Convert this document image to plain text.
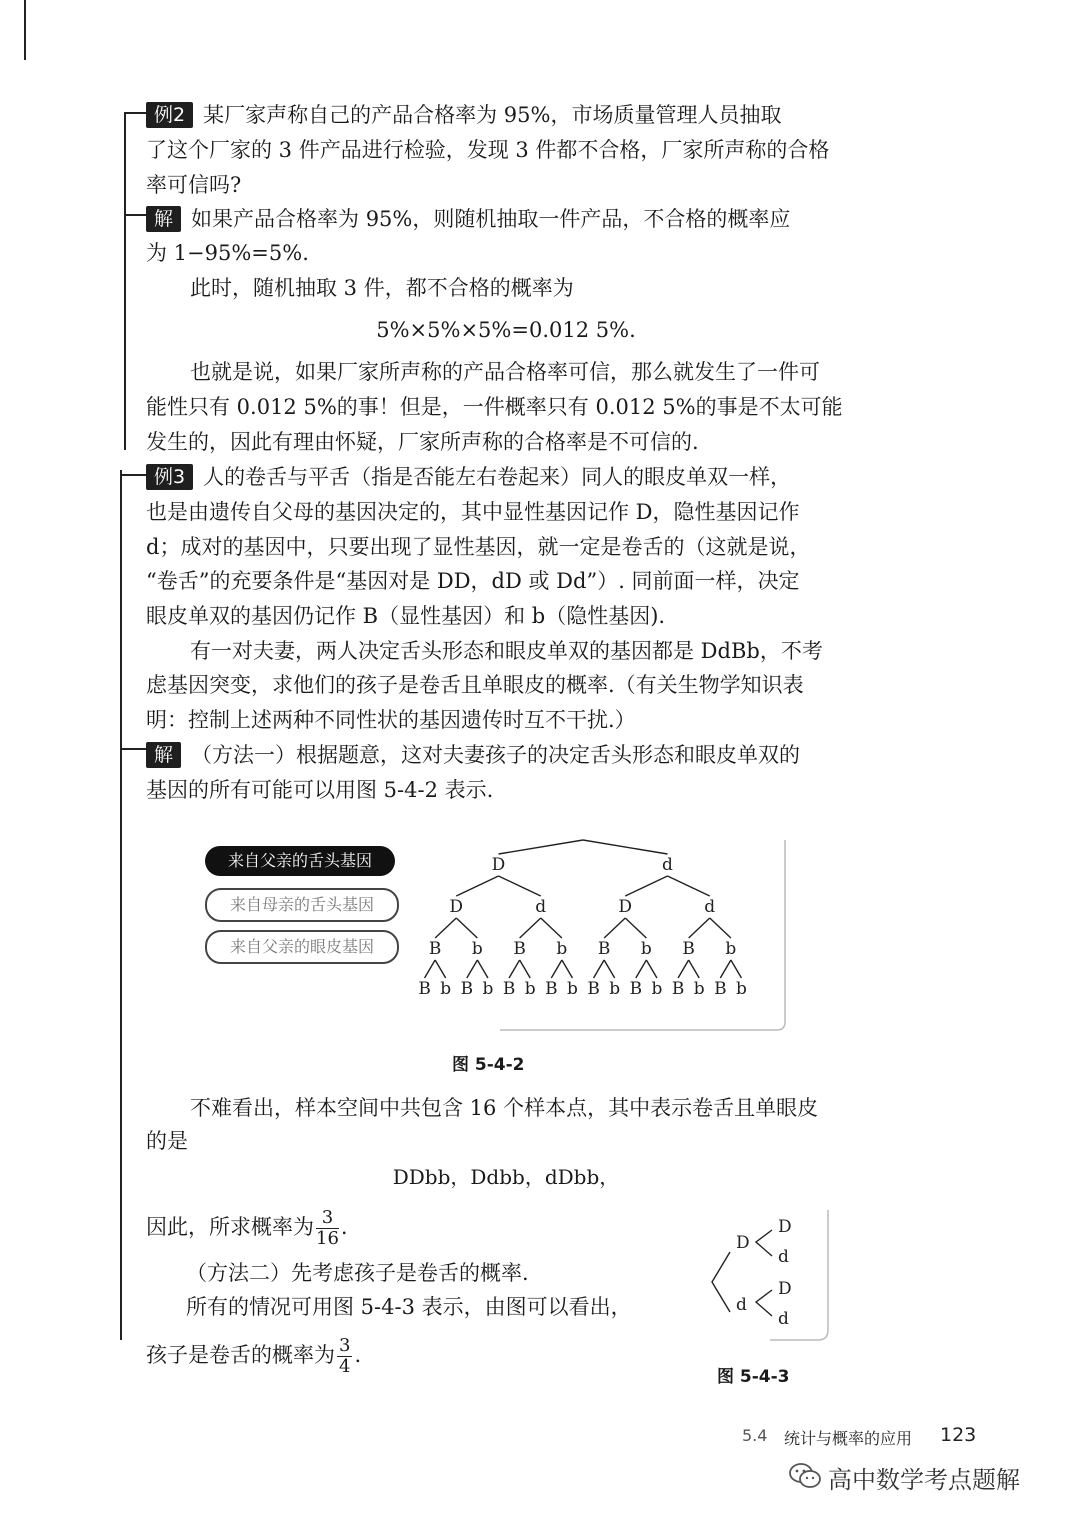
例2 某厂家声称自己的产品合格率为 95%，市场质量管理人员抽取
了这个厂家的 3 件产品进行检验，发现 3 件都不合格，厂家所声称的合格
率可信吗?
解 如果产品合格率为 95%，则随机抽取一件产品，不合格的概率应
为 1−95%=5%.
此时，随机抽取 3 件，都不合格的概率为
5%×5%×5%=0.012 5%.
也就是说，如果厂家所声称的产品合格率可信，那么就发生了一件可
能性只有 0.012 5%的事！但是，一件概率只有 0.012 5%的事是不太可能
发生的，因此有理由怀疑，厂家所声称的合格率是不可信的.
例3 人的卷舌与平舌（指是否能左右卷起来）同人的眼皮单双一样，
也是由遗传自父母的基因决定的，其中显性基因记作 D，隐性基因记作
d；成对的基因中，只要出现了显性基因，就一定是卷舌的（这就是说，
“卷舌”的充要条件是“基因对是 DD，dD 或 Dd”）. 同前面一样，决定
眼皮单双的基因仍记作 B（显性基因）和 b（隐性基因).
有一对夫妻，两人决定舌头形态和眼皮单双的基因都是 DdBb，不考
虑基因突变，求他们的孩子是卷舌且单眼皮的概率.（有关生物学知识表
明：控制上述两种不同性状的基因遗传时互不干扰.）
解 （方法一）根据题意，这对夫妻孩子的决定舌头形态和眼皮单双的
基因的所有可能可以用图 5-4-2 表示.
来自父亲的舌头基因
来自母亲的舌头基因
来自父亲的眼皮基因
D	d
D	d	D	d
B b B b B b B b
B b B b B b B b B b B b B b B b
图 5-4-2
不难看出，样本空间中共包含 16 个样本点，其中表示卷舌且单眼皮
的是
DDbb，Ddbb，dDbb，
因此，所求概率为 $\frac{3}{16}$ .
（方法二）先考虑孩子是卷舌的概率.
所有的情况可用图 5-4-3 表示，由图可以看出，
孩子是卷舌的概率为 $\frac{3}{4}$ .
D
d
D
d
D
d
图 5-4-3
5.4 统计与概率的应用 123
高中数学考点题解
